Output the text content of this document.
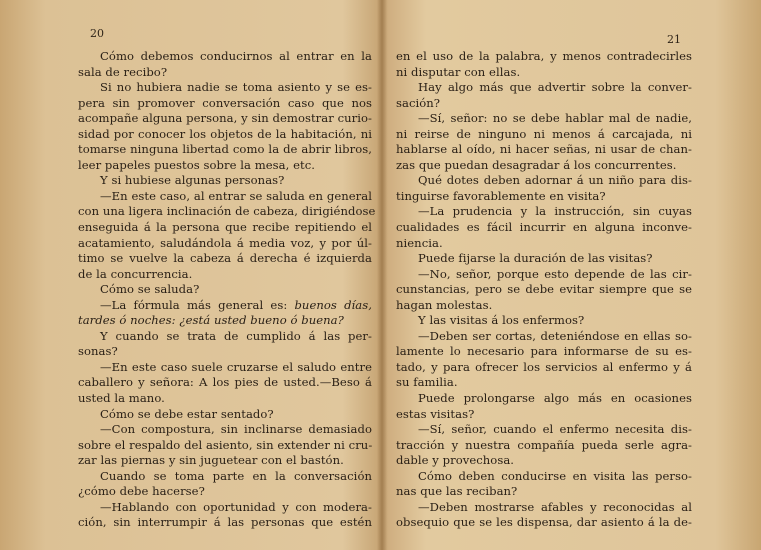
20
Cómo debemos conducirnos al entrar en la
sala de recibo?
Si no hubiera nadie se toma asiento y se es-
pera sin promover conversación caso que nos
acompañe alguna persona, y sin demostrar curio-
sidad por conocer los objetos de la habitación, ni
tomarse ninguna libertad como la de abrir libros,
leer papeles puestos sobre la mesa, etc.
Y si hubiese algunas personas?
—En este caso, al entrar se saluda en general
con una ligera inclinación de cabeza, dirigiéndose
enseguida á la persona que recibe repitiendo el
acatamiento, saludándola á media voz, y por úl-
timo se vuelve la cabeza á derecha é izquierda
de la concurrencia.
Cómo se saluda?
—La fórmula más general es: buenos días,
tardes ó noches: ¿está usted bueno ó buena?
Y cuando se trata de cumplido á las per-
sonas?
—En este caso suele cruzarse el saludo entre
caballero y señora: A los pies de usted.—Beso á
usted la mano.
Cómo se debe estar sentado?
—Con compostura, sin inclinarse demasiado
sobre el respaldo del asiento, sin extender ni cru-
zar las piernas y sin juguetear con el bastón.
Cuando se toma parte en la conversación
¿cómo debe hacerse?
—Hablando con oportunidad y con modera-
ción, sin interrumpir á las personas que estén
21
en el uso de la palabra, y menos contradecirles
ni disputar con ellas.
Hay algo más que advertir sobre la conver-
sación?
—Sí, señor: no se debe hablar mal de nadie,
ni reirse de ninguno ni menos á carcajada, ni
hablarse al oído, ni hacer señas, ni usar de chan-
zas que puedan desagradar á los concurrentes.
Qué dotes deben adornar á un niño para dis-
tinguirse favorablemente en visita?
—La prudencia y la instrucción, sin cuyas
cualidades es fácil incurrir en alguna inconve-
niencia.
Puede fijarse la duración de las visitas?
—No, señor, porque esto depende de las cir-
cunstancias, pero se debe evitar siempre que se
hagan molestas.
Y las visitas á los enfermos?
—Deben ser cortas, deteniéndose en ellas so-
lamente lo necesario para informarse de su es-
tado, y para ofrecer los servicios al enfermo y á
su familia.
Puede prolongarse algo más en ocasiones
estas visitas?
—Sí, señor, cuando el enfermo necesita dis-
tracción y nuestra compañía pueda serle agra-
dable y provechosa.
Cómo deben conducirse en visita las perso-
nas que las reciban?
—Deben mostrarse afables y reconocidas al
obsequio que se les dispensa, dar asiento á la de-
